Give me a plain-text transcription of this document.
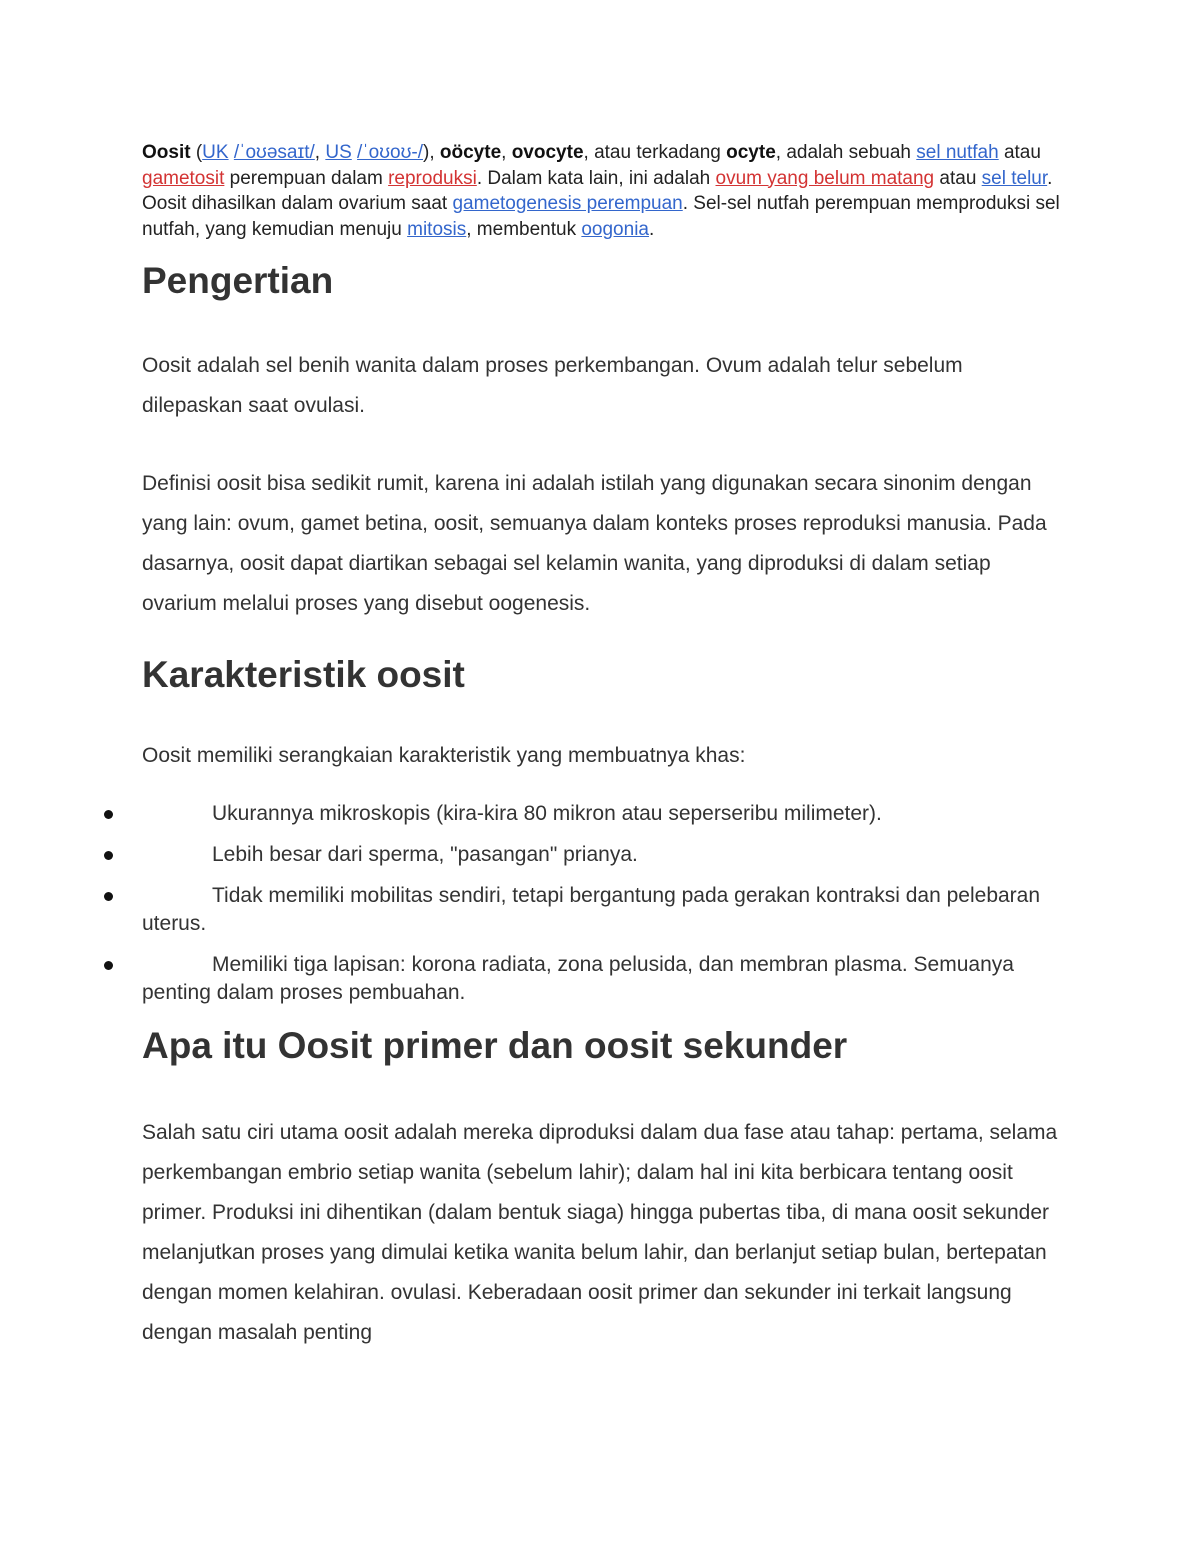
Oosit (UK /ˈoʊəsaɪt/, US /ˈoʊoʊ-/), oöcyte, ovocyte, atau terkadang ocyte, adalah sebuah sel nutfah atau gametosit perempuan dalam reproduksi. Dalam kata lain, ini adalah ovum yang belum matang atau sel telur. Oosit dihasilkan dalam ovarium saat gametogenesis perempuan. Sel-sel nutfah perempuan memproduksi sel nutfah, yang kemudian menuju mitosis, membentuk oogonia.

Pengertian

Oosit adalah sel benih wanita dalam proses perkembangan. Ovum adalah telur sebelum dilepaskan saat ovulasi.

Definisi oosit bisa sedikit rumit, karena ini adalah istilah yang digunakan secara sinonim dengan yang lain: ovum, gamet betina, oosit, semuanya dalam konteks proses reproduksi manusia. Pada dasarnya, oosit dapat diartikan sebagai sel kelamin wanita, yang diproduksi di dalam setiap ovarium melalui proses yang disebut oogenesis.

Karakteristik oosit

Oosit memiliki serangkaian karakteristik yang membuatnya khas:

Ukurannya mikroskopis (kira-kira 80 mikron atau seperseribu milimeter).
Lebih besar dari sperma, "pasangan" prianya.
Tidak memiliki mobilitas sendiri, tetapi bergantung pada gerakan kontraksi dan pelebaran uterus.
Memiliki tiga lapisan: korona radiata, zona pelusida, dan membran plasma. Semuanya penting dalam proses pembuahan.
Apa itu Oosit primer dan oosit sekunder

Salah satu ciri utama oosit adalah mereka diproduksi dalam dua fase atau tahap: pertama, selama perkembangan embrio setiap wanita (sebelum lahir); dalam hal ini kita berbicara tentang oosit primer. Produksi ini dihentikan (dalam bentuk siaga) hingga pubertas tiba, di mana oosit sekunder melanjutkan proses yang dimulai ketika wanita belum lahir, dan berlanjut setiap bulan, bertepatan dengan momen kelahiran. ovulasi. Keberadaan oosit primer dan sekunder ini terkait langsung dengan masalah penting
